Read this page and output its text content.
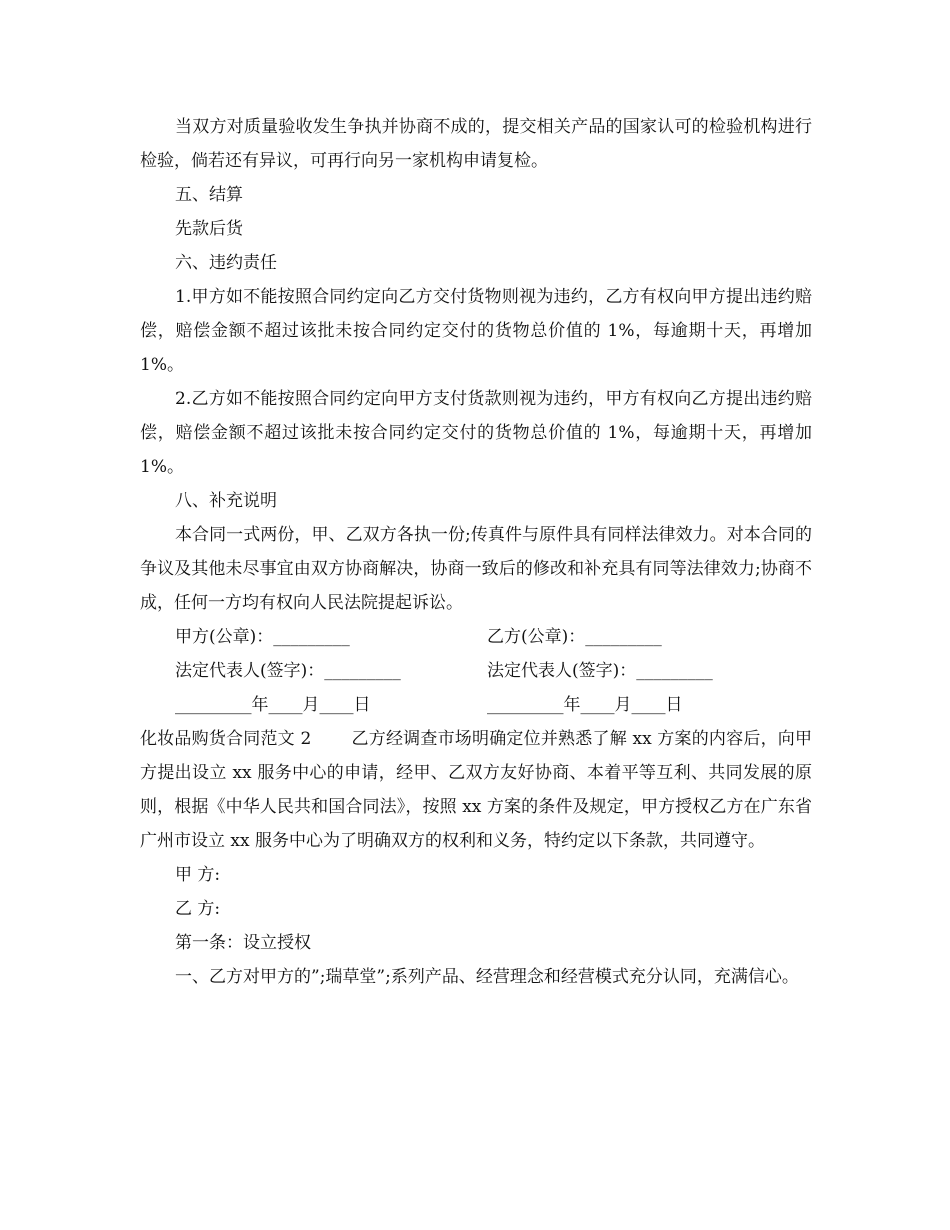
当双方对质量验收发生争执并协商不成的，提交相关产品的国家认可的检验机构进行检验，倘若还有异议，可再行向另一家机构申请复检。

五、结算

先款后货

六、违约责任

1.甲方如不能按照合同约定向乙方交付货物则视为违约，乙方有权向甲方提出违约赔偿，赔偿金额不超过该批未按合同约定交付的货物总价值的 1%，每逾期十天，再增加 1%。

2.乙方如不能按照合同约定向甲方支付货款则视为违约，甲方有权向乙方提出违约赔偿，赔偿金额不超过该批未按合同约定交付的货物总价值的 1%，每逾期十天，再增加 1%。

八、补充说明

本合同一式两份，甲、乙双方各执一份;传真件与原件具有同样法律效力。对本合同的争议及其他未尽事宜由双方协商解决，协商一致后的修改和补充具有同等法律效力;协商不成，任何一方均有权向人民法院提起诉讼。

甲方(公章)：_________	乙方(公章)：_________
法定代表人(签字)：_________	法定代表人(签字)：_________
_________年____月____日	_________年____月____日

化妆品购货合同范文 2 乙方经调查市场明确定位并熟悉了解 xx 方案的内容后，向甲方提出设立 xx 服务中心的申请，经甲、乙双方友好协商、本着平等互利、共同发展的原则，根据《中华人民共和国合同法》，按照 xx 方案的条件及规定，甲方授权乙方在广东省广州市设立 xx 服务中心为了明确双方的权利和义务，特约定以下条款，共同遵守。

甲 方:

乙 方:

第一条：设立授权

一、乙方对甲方的”;瑞草堂”;系列产品、经营理念和经营模式充分认同，充满信心。
